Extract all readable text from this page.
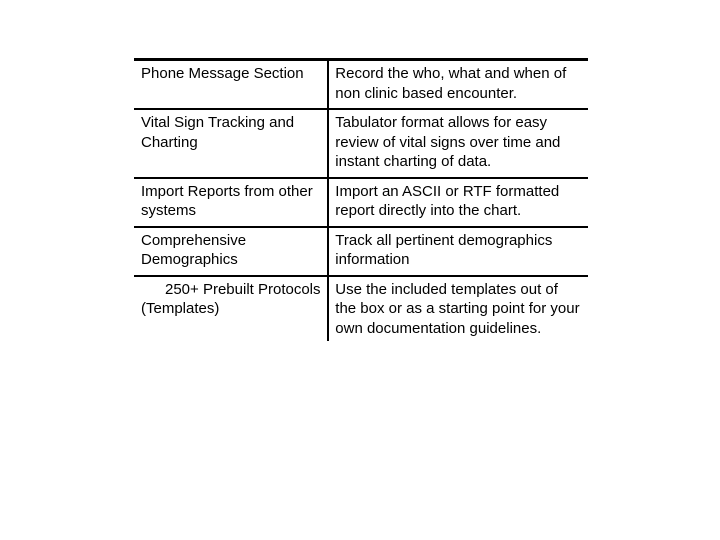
Phone Message Section	Record the who, what and when of non clinic based encounter.
Vital Sign Tracking and Charting	Tabulator format allows for easy review of vital signs over time and instant charting of data.
Import Reports from other systems	Import an ASCII or RTF formatted report directly into the chart.
Comprehensive Demographics	Track all pertinent demographics information
250+ Prebuilt Protocols (Templates)	Use the included templates out of the box or as a starting point for your own documentation guidelines.
